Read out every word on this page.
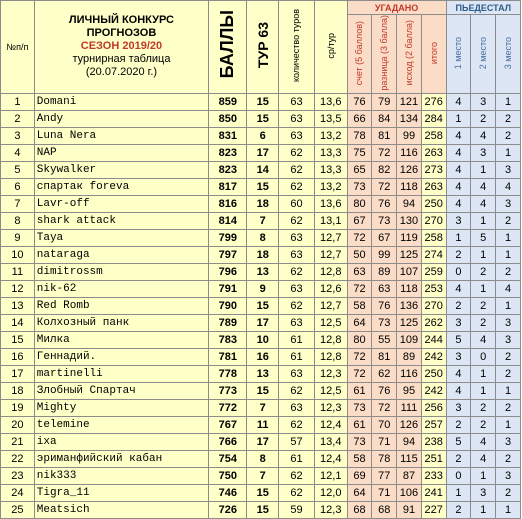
№п/п	ЛИЧНЫЙ КОНКУРС
ПРОГНОЗОВ
СЕЗОН 2019/20
турнирная таблица
(20.07.2020 г.)	БАЛЛЫ	ТУР 63	количество туров	ср/тур	УГАДАНО				ПЬЕДЕСТАЛ		
						счет (5 баллов)	разница (3 балла)	исход (2 балла)	итого	1 место	2 место	3 место
1	Domani	859	15	63	13,6	76	79	121	276	4	3	1
2	Andy	850	15	63	13,5	66	84	134	284	1	2	2
3	Luna Nera	831	6	63	13,2	78	81	99	258	4	4	2
4	NAP	823	17	62	13,3	75	72	116	263	4	3	1
5	Skywalker	823	14	62	13,3	65	82	126	273	4	1	3
6	спартак forevа	817	15	62	13,2	73	72	118	263	4	4	4
7	Lavr-off	816	18	60	13,6	80	76	94	250	4	4	3
8	shark attack	814	7	62	13,1	67	73	130	270	3	1	2
9	Taya	799	8	63	12,7	72	67	119	258	1	5	1
10	nataraga	797	18	63	12,7	50	99	125	274	2	1	1
11	dimitrossm	796	13	62	12,8	63	89	107	259	0	2	2
12	nik-62	791	9	63	12,6	72	63	118	253	4	1	4
13	Red Romb	790	15	62	12,7	58	76	136	270	2	2	1
14	Колхозный панк	789	17	63	12,5	64	73	125	262	3	2	3
15	Милка	783	10	61	12,8	80	55	109	244	5	4	3
16	Геннадий.	781	16	61	12,8	72	81	89	242	3	0	2
17	martinelli	778	13	63	12,3	72	62	116	250	4	1	2
18	Злобный Спартач	773	15	62	12,5	61	76	95	242	4	1	1
19	Mighty	772	7	63	12,3	73	72	111	256	3	2	2
20	telemine	767	11	62	12,4	61	70	126	257	2	2	1
21	ixa	766	17	57	13,4	73	71	94	238	5	4	3
22	эриманфийский кабан	754	8	61	12,4	58	78	115	251	2	4	2
23	nik333	750	7	62	12,1	69	77	87	233	0	1	3
24	Tigra_11	746	15	62	12,0	64	71	106	241	1	3	2
25	Meatsich	726	15	59	12,3	68	68	91	227	2	1	1
